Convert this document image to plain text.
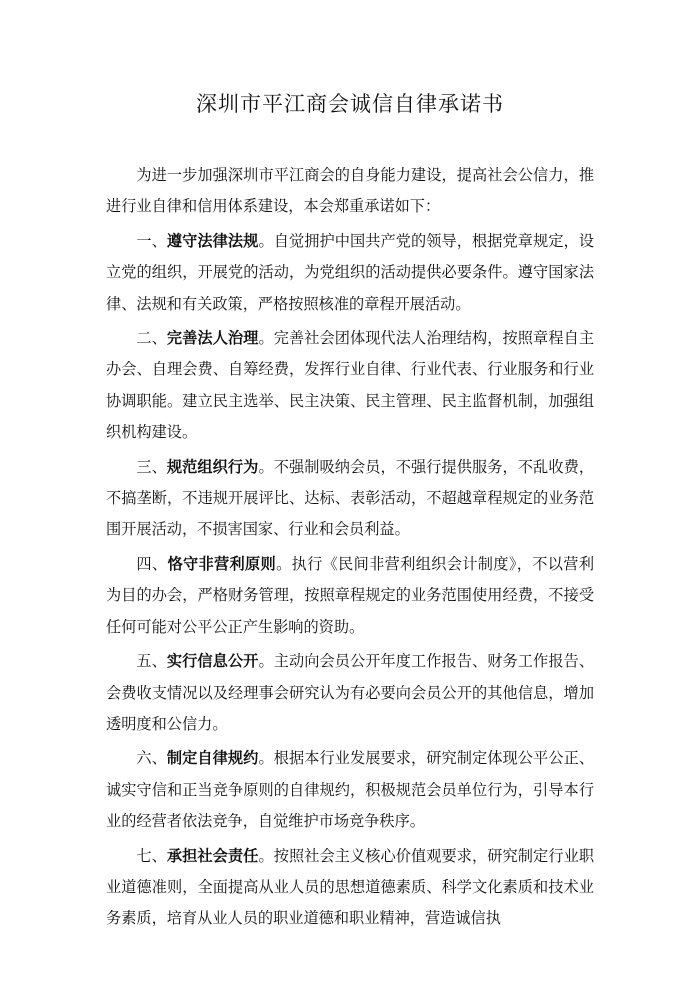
深圳市平江商会诚信自律承诺书

为进一步加强深圳市平江商会的自身能力建设，提高社会公信力，推进行业自律和信用体系建设，本会郑重承诺如下：

一、遵守法律法规。自觉拥护中国共产党的领导，根据党章规定，设立党的组织，开展党的活动，为党组织的活动提供必要条件。遵守国家法律、法规和有关政策，严格按照核准的章程开展活动。

二、完善法人治理。完善社会团体现代法人治理结构，按照章程自主办会、自理会费、自筹经费，发挥行业自律、行业代表、行业服务和行业协调职能。建立民主选举、民主决策、民主管理、民主监督机制，加强组织机构建设。

三、规范组织行为。不强制吸纳会员，不强行提供服务，不乱收费，不搞垄断，不违规开展评比、达标、表彰活动，不超越章程规定的业务范围开展活动，不损害国家、行业和会员利益。

四、恪守非营利原则。执行《民间非营利组织会计制度》，不以营利为目的办会，严格财务管理，按照章程规定的业务范围使用经费，不接受任何可能对公平公正产生影响的资助。

五、实行信息公开。主动向会员公开年度工作报告、财务工作报告、会费收支情况以及经理事会研究认为有必要向会员公开的其他信息，增加透明度和公信力。

六、制定自律规约。根据本行业发展要求，研究制定体现公平公正、诚实守信和正当竞争原则的自律规约，积极规范会员单位行为，引导本行业的经营者依法竞争，自觉维护市场竞争秩序。

七、承担社会责任。按照社会主义核心价值观要求，研究制定行业职业道德准则，全面提高从业人员的思想道德素质、科学文化素质和技术业务素质，培育从业人员的职业道德和职业精神，营造诚信执
